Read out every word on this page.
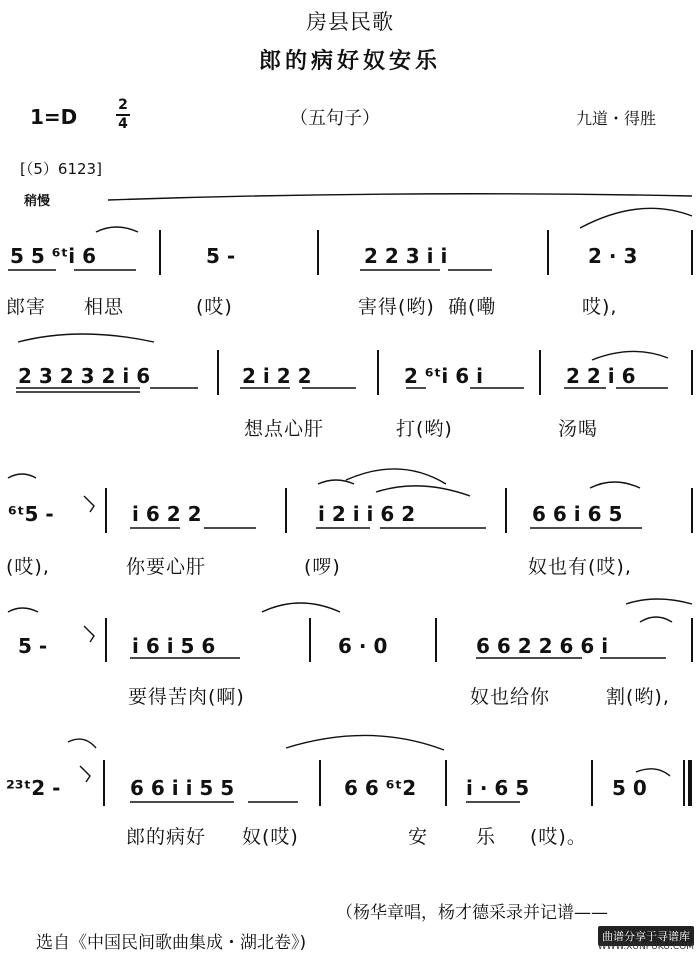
房县民歌
郎的病好奴安乐
1=D	2
4	（五句子）	九道・得胜
[（5）6123]
稍慢
5 5 ⁶ᵗi 6	5 -	2 2 3 i i	2 · 3
郎害 相思	(哎)	害得(哟) 确(嘞	哎),
2 3 2 3 2 i 6	2 i 2 2	2 ⁶ᵗi 6 i	2 2 i 6
想点心肝	打(哟)	汤喝
⁶ᵗ5 -	i 6 2 2	i 2 i i 6 2	6 6 i 6 5
(哎),	你要心肝	(啰)	奴也有(哎),
5 -	i 6 i 5 6	6 · 0	6 6 2 2 6 6 i
要得苦肉(啊)	奴也给你	割(哟),
²³ᵗ2 -	6 6 i i 5 5	6 6 ⁶ᵗ2 i · 6 5	5 0
郎的病好 奴(哎)	安	乐 (哎)。
（杨华章唱，杨才德采录并记谱——
选自《中国民间歌曲集成・湖北卷》)	曲谱分享于寻谱库
WWW.XUNPUKU.COM
